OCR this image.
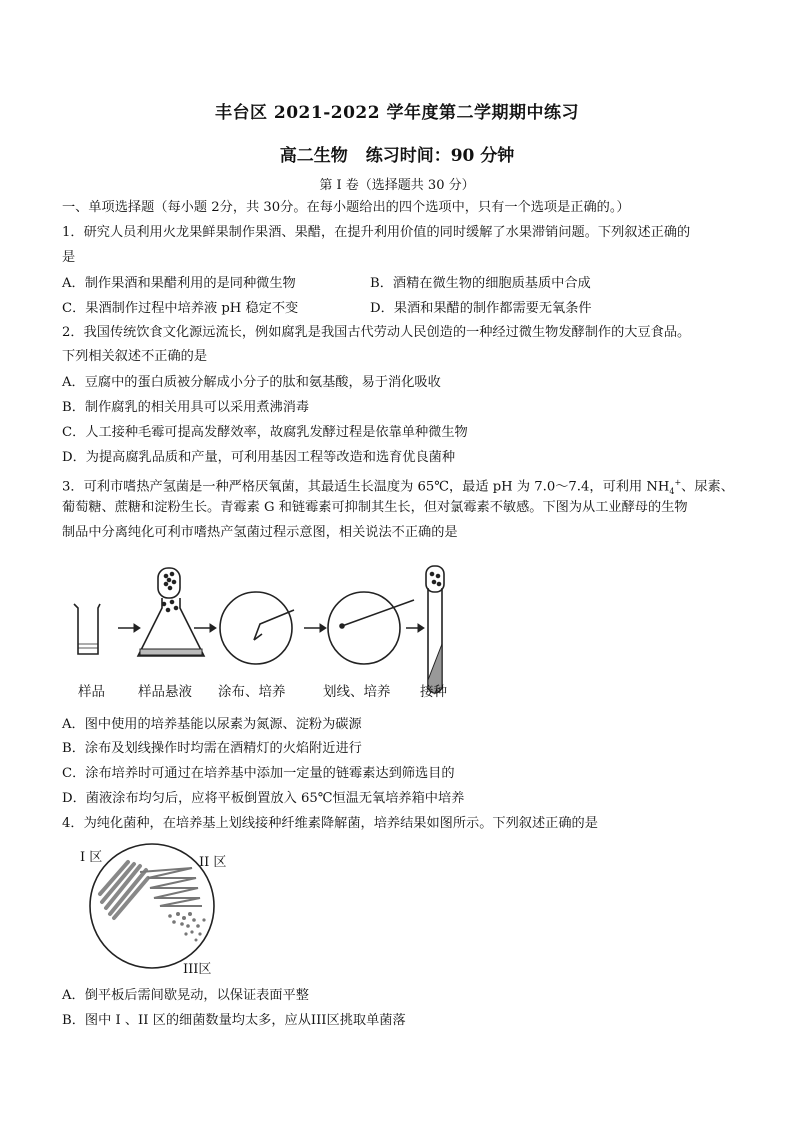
丰台区 2021-2022 学年度第二学期期中练习
高二生物 练习时间：90 分钟
第 I 卷（选择题共 30 分）
一、单项选择题（每小题 2分，共 30分。在每小题给出的四个选项中，只有一个选项是正确的。）
1．研究人员利用火龙果鲜果制作果酒、果醋，在提升利用价值的同时缓解了水果滞销问题。下列叙述正确的
是
A．制作果酒和果醋利用的是同种微生物	B．酒精在微生物的细胞质基质中合成
C．果酒制作过程中培养液 pH 稳定不变	D．果酒和果醋的制作都需要无氧条件
2．我国传统饮食文化源远流长，例如腐乳是我国古代劳动人民创造的一种经过微生物发酵制作的大豆食品。
下列相关叙述不正确的是
A．豆腐中的蛋白质被分解成小分子的肽和氨基酸，易于消化吸收
B．制作腐乳的相关用具可以采用煮沸消毒
C．人工接种毛霉可提高发酵效率，故腐乳发酵过程是依靠单种微生物
D．为提高腐乳品质和产量，可利用基因工程等改造和选育优良菌种
3．可利市嗜热产氢菌是一种严格厌氧菌，其最适生长温度为 65℃，最适 pH 为 7.0～7.4，可利用 $NH_4^+$、尿素、
葡萄糖、蔗糖和淀粉生长。青霉素 G 和链霉素可抑制其生长，但对氯霉素不敏感。下图为从工业酵母的生物
制品中分离纯化可利市嗜热产氢菌过程示意图，相关说法不正确的是
样品 样品悬液 涂布、培养	划线、培养 接种
A．图中使用的培养基能以尿素为氮源、淀粉为碳源
B．涂布及划线操作时均需在酒精灯的火焰附近进行
C．涂布培养时可通过在培养基中添加一定量的链霉素达到筛选目的
D．菌液涂布均匀后，应将平板倒置放入 65℃恒温无氧培养箱中培养
4．为纯化菌种，在培养基上划线接种纤维素降解菌，培养结果如图所示。下列叙述正确的是
I 区	II 区
III区
A．倒平板后需间歇晃动，以保证表面平整
B．图中 I 、II 区的细菌数量均太多，应从III区挑取单菌落
